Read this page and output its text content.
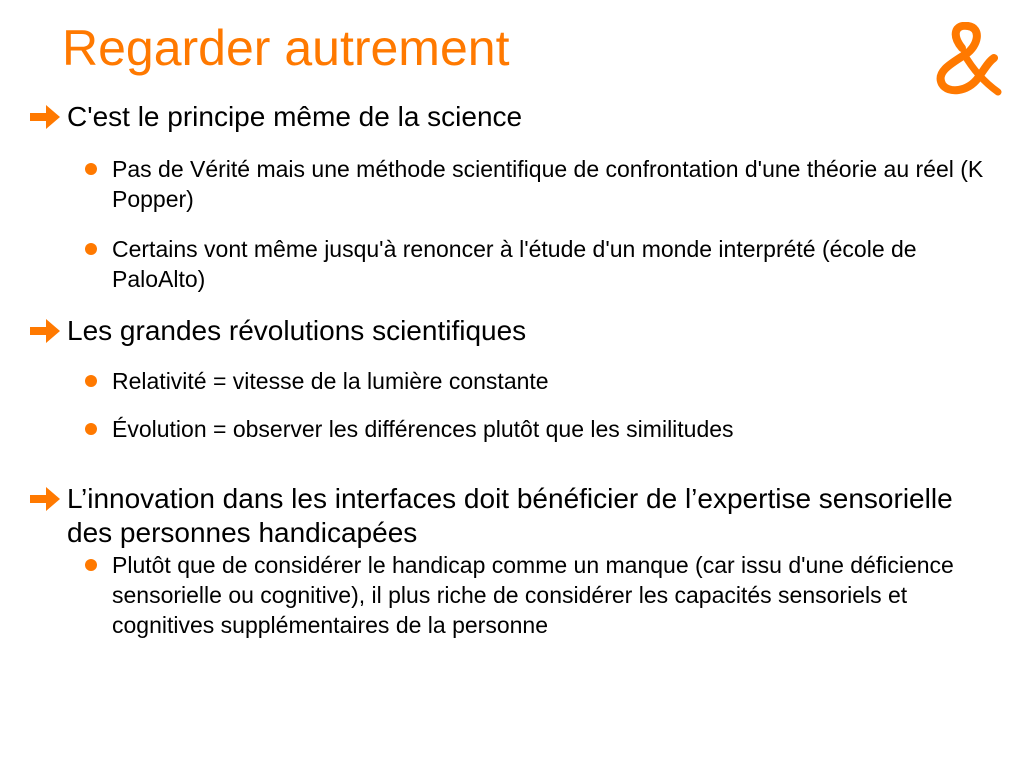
Regarder autrement
C'est le principe même de la science
Pas de Vérité mais une méthode scientifique de confrontation d'une théorie au réel (K Popper)
Certains vont même jusqu'à renoncer à l'étude d'un monde interprété (école de PaloAlto)
Les grandes révolutions scientifiques
Relativité = vitesse de la lumière constante
Évolution = observer les différences plutôt que les similitudes
L’innovation dans les interfaces doit bénéficier de l’expertise sensorielle des personnes handicapées
Plutôt que de considérer le handicap comme un manque (car issu d'une déficience sensorielle ou cognitive), il plus riche de considérer les capacités sensoriels et cognitives supplémentaires de la personne
